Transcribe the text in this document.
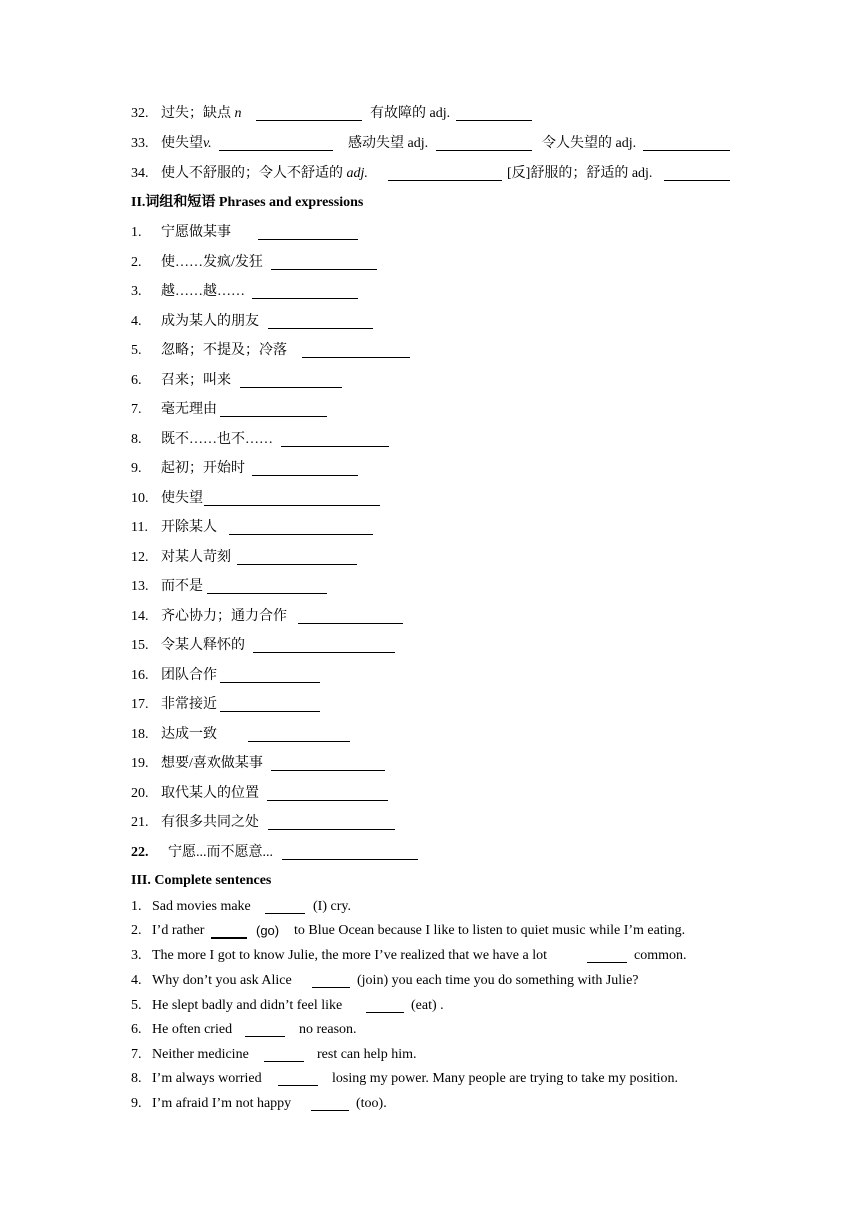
32. 过失；缺点 n	有故障的 adj.
33. 使失望v.	感动失望 adj.	令人失望的 adj.
34. 使人不舒服的；令人不舒适的 adj.	[反]舒服的；舒适的 adj.
II.词组和短语 Phrases and expressions
1. 宁愿做某事
2. 使……发疯/发狂
3. 越……越……
4. 成为某人的朋友
5. 忽略；不提及；冷落
6. 召来；叫来
7. 毫无理由
8. 既不……也不……
9. 起初；开始时
10. 使失望
11. 开除某人
12. 对某人苛刻
13. 而不是
14. 齐心协力；通力合作
15. 令某人释怀的
16. 团队合作
17. 非常接近
18. 达成一致
19. 想要/喜欢做某事
20. 取代某人的位置
21. 有很多共同之处
22. 宁愿...而不愿意...
III. Complete sentences
1. Sad movies make	(I) cry.
2. I’d rather	(go) to Blue Ocean because I like to listen to quiet music while I’m eating.
3. The more I got to know Julie, the more I’ve realized that we have a lot	common.
4. Why don’t you ask Alice	(join) you each time you do something with Julie?
5. He slept badly and didn’t feel like	(eat) .
6. He often cried	no reason.
7. Neither medicine	rest can help him.
8. I’m always worried	losing my power. Many people are trying to take my position.
9. I’m afraid I’m not happy	(too).
